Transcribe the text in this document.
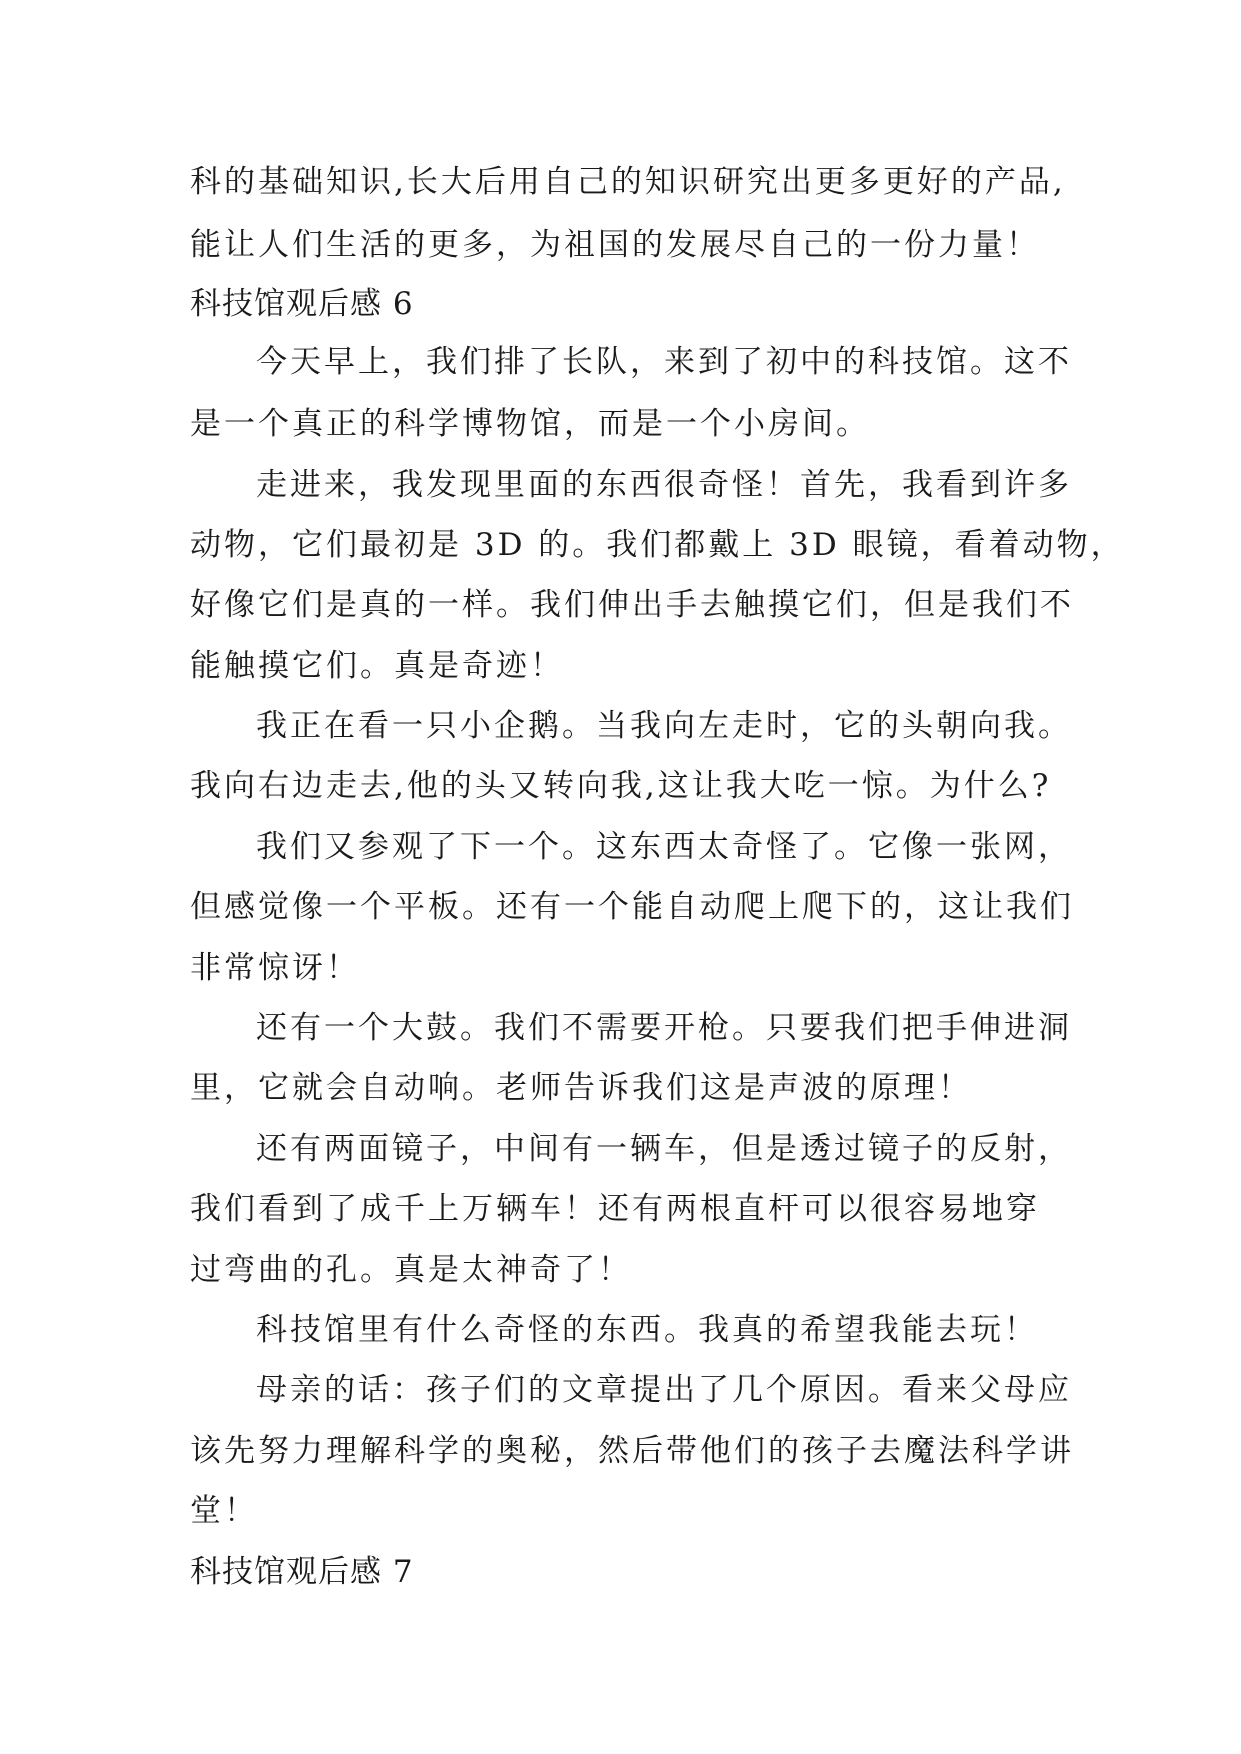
科的基础知识,长大后用自己的知识研究出更多更好的产品,
能让人们生活的更多，为祖国的发展尽自己的一份力量！
科技馆观后感 6
今天早上，我们排了长队，来到了初中的科技馆。这不
是一个真正的科学博物馆，而是一个小房间。
走进来，我发现里面的东西很奇怪！首先，我看到许多
动物，它们最初是 3D 的。我们都戴上 3D 眼镜，看着动物，
好像它们是真的一样。我们伸出手去触摸它们，但是我们不
能触摸它们。真是奇迹！
我正在看一只小企鹅。当我向左走时，它的头朝向我。
我向右边走去,他的头又转向我,这让我大吃一惊。为什么?
我们又参观了下一个。这东西太奇怪了。它像一张网，
但感觉像一个平板。还有一个能自动爬上爬下的，这让我们
非常惊讶！
还有一个大鼓。我们不需要开枪。只要我们把手伸进洞
里，它就会自动响。老师告诉我们这是声波的原理！
还有两面镜子，中间有一辆车，但是透过镜子的反射，
我们看到了成千上万辆车！还有两根直杆可以很容易地穿
过弯曲的孔。真是太神奇了！
科技馆里有什么奇怪的东西。我真的希望我能去玩！
母亲的话：孩子们的文章提出了几个原因。看来父母应
该先努力理解科学的奥秘，然后带他们的孩子去魔法科学讲
堂！
科技馆观后感 7
